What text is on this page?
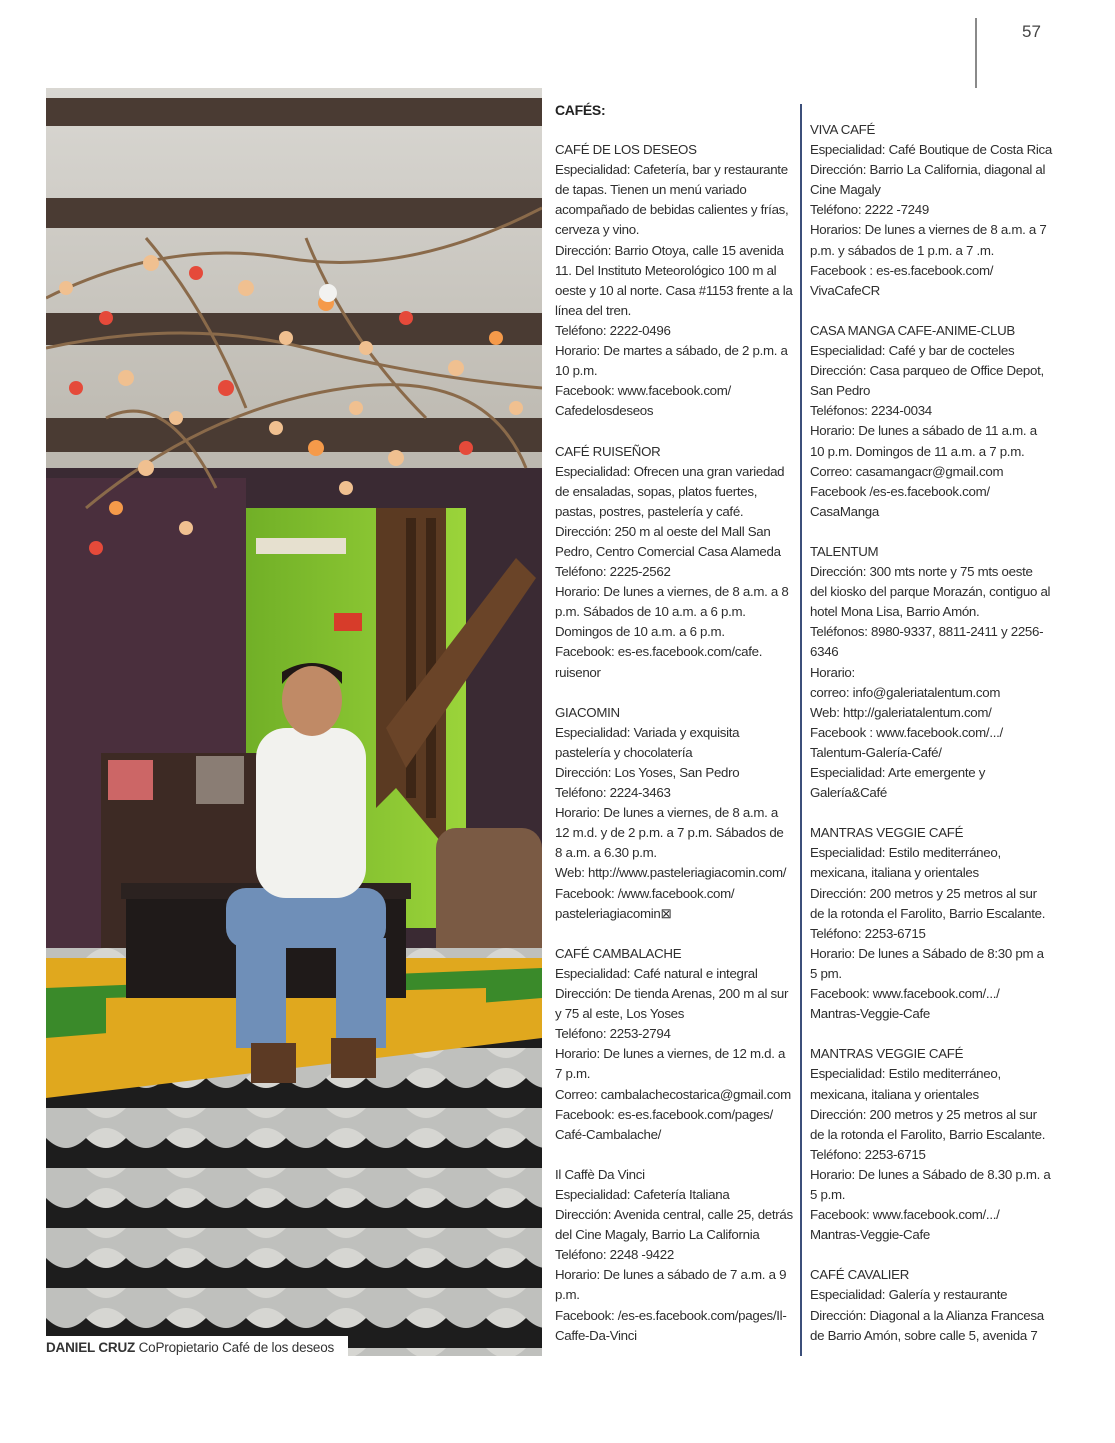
57
DANIEL CRUZ CoPropietario Café de los deseos
CAFÉS:

CAFÉ DE LOS DESEOS

Especialidad: Cafetería, bar y restaurante de tapas. Tienen un menú variado acompañado de bebidas calientes y frías, cerveza y vino.

Dirección: Barrio Otoya, calle 15 avenida 11. Del Instituto Meteorológico 100 m al oeste y 10 al norte. Casa #1153 frente a la línea del tren.

Teléfono: 2222-0496

Horario: De martes a sábado, de 2 p.m. a 10 p.m.

Facebook: www.facebook.com/ Cafedelosdeseos

CAFÉ RUISEÑOR

Especialidad: Ofrecen una gran variedad de ensaladas, sopas, platos fuertes, pastas, postres, pastelería y café.

Dirección: 250 m al oeste del Mall San Pedro, Centro Comercial Casa Alameda

Teléfono: 2225-2562

Horario: De lunes a viernes, de 8 a.m. a 8 p.m. Sábados de 10 a.m. a 6 p.m. Domingos de 10 a.m. a 6 p.m.

Facebook: es-es.facebook.com/cafe. ruisenor

GIACOMIN

Especialidad: Variada y exquisita pastelería y chocolatería

Dirección: Los Yoses, San Pedro

Teléfono: 2224-3463

Horario: De lunes a viernes, de 8 a.m. a 12 m.d. y de 2 p.m. a 7 p.m. Sábados de 8 a.m. a 6.30 p.m.

Web: http://www.pasteleriagiacomin.com/

Facebook: /www.facebook.com/ pasteleriagiacomin⊠

CAFÉ CAMBALACHE

Especialidad: Café natural e integral

Dirección: De tienda Arenas, 200 m al sur y 75 al este, Los Yoses

Teléfono: 2253-2794

Horario: De lunes a viernes, de 12 m.d. a 7 p.m.

Correo: cambalachecostarica@gmail.com

Facebook: es-es.facebook.com/pages/ Café-Cambalache/

Il Caffè Da Vinci

Especialidad: Cafetería Italiana

Dirección: Avenida central, calle 25, detrás del Cine Magaly, Barrio La California

Teléfono: 2248 -9422

Horario: De lunes a sábado de 7 a.m. a 9 p.m.

Facebook: /es-es.facebook.com/pages/Il-Caffe-Da-Vinci

VIVA CAFÉ

Especialidad: Café Boutique de Costa Rica

Dirección: Barrio La California, diagonal al Cine Magaly

Teléfono: 2222 -7249

Horarios: De lunes a viernes de 8 a.m. a 7 p.m. y sábados de 1 p.m. a 7 .m.

Facebook : es-es.facebook.com/ VivaCafeCR

CASA MANGA CAFE-ANIME-CLUB

Especialidad: Café y bar de cocteles

Dirección: Casa parqueo de Office Depot, San Pedro

Teléfonos: 2234-0034

Horario: De lunes a sábado de 11 a.m. a 10 p.m. Domingos de 11 a.m. a 7 p.m.

Correo: casamangacr@gmail.com

Facebook /es-es.facebook.com/ CasaManga

TALENTUM

Dirección: 300 mts norte y 75 mts oeste del kiosko del parque Morazán, contiguo al hotel Mona Lisa, Barrio Amón.

Teléfonos: 8980-9337, 8811-2411 y 2256-6346

Horario:

correo: info@galeriatalentum.com

Web: http://galeriatalentum.com/

Facebook : www.facebook.com/.../ Talentum-Galería-Café/

Especialidad: Arte emergente y Galería&Café

MANTRAS VEGGIE CAFÉ

Especialidad: Estilo mediterráneo, mexicana, italiana y orientales

Dirección: 200 metros y 25 metros al sur de la rotonda el Farolito, Barrio Escalante.

Teléfono: 2253-6715

Horario: De lunes a Sábado de 8:30 pm a 5 pm.

Facebook: www.facebook.com/.../ Mantras-Veggie-Cafe

MANTRAS VEGGIE CAFÉ

Especialidad: Estilo mediterráneo, mexicana, italiana y orientales

Dirección: 200 metros y 25 metros al sur de la rotonda el Farolito, Barrio Escalante.

Teléfono: 2253-6715

Horario: De lunes a Sábado de 8.30 p.m. a 5 p.m.

Facebook: www.facebook.com/.../ Mantras-Veggie-Cafe

CAFÉ CAVALIER

Especialidad: Galería y restaurante

Dirección: Diagonal a la Alianza Francesa de Barrio Amón, sobre calle 5, avenida 7
